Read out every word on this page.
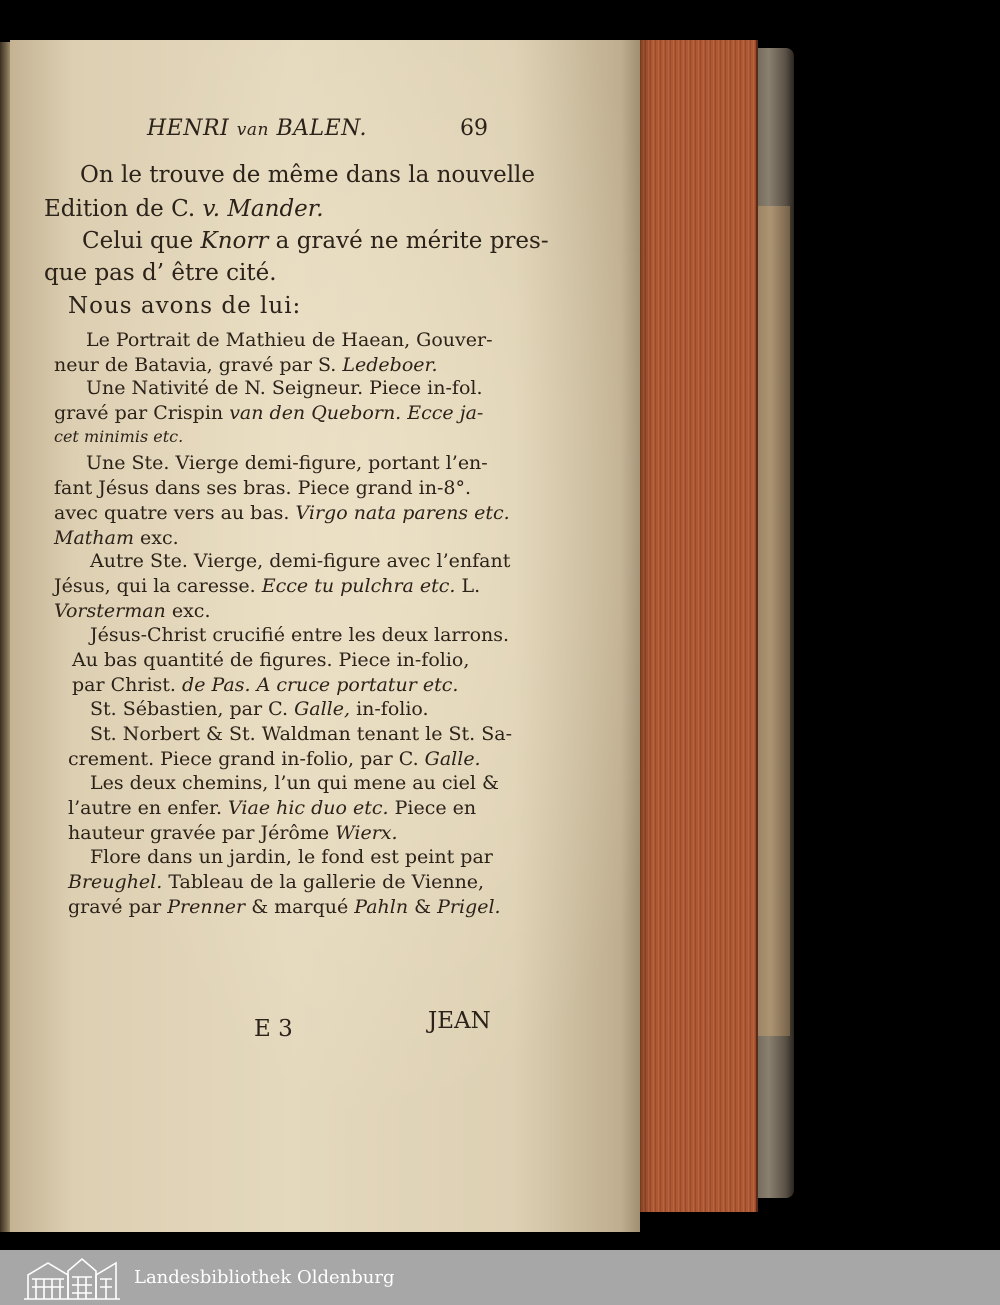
HENRI van BALEN.	69
On le trouve de même dans la nouvelle
Edition de C. v. Mander.
Celui que Knorr a gravé ne mérite pres-
que pas d’ être cité.
Nous avons de lui:
Le Portrait de Mathieu de Haean, Gouver-
neur de Batavia, gravé par S. Ledeboer.
Une Nativité de N. Seigneur. Piece in-fol.
gravé par Crispin van den Queborn. Ecce ja-
cet minimis etc.
Une Ste. Vierge demi-figure, portant l’en-
fant Jésus dans ses bras. Piece grand in-8°.
avec quatre vers au bas. Virgo nata parens etc.
Matham exc.
Autre Ste. Vierge, demi-figure avec l’enfant
Jésus, qui la caresse. Ecce tu pulchra etc. L.
Vorsterman exc.
Jésus-Christ crucifié entre les deux larrons.
Au bas quantité de figures. Piece in-folio,
par Christ. de Pas. A cruce portatur etc.
St. Sébastien, par C. Galle, in-folio.
St. Norbert & St. Waldman tenant le St. Sa-
crement. Piece grand in-folio, par C. Galle.
Les deux chemins, l’un qui mene au ciel &
l’autre en enfer. Viae hic duo etc. Piece en
hauteur gravée par Jérôme Wierx.
Flore dans un jardin, le fond est peint par
Breughel. Tableau de la gallerie de Vienne,
gravé par Prenner & marqué Pahln & Prigel.
E 3	JEAN
Landesbibliothek Oldenburg
